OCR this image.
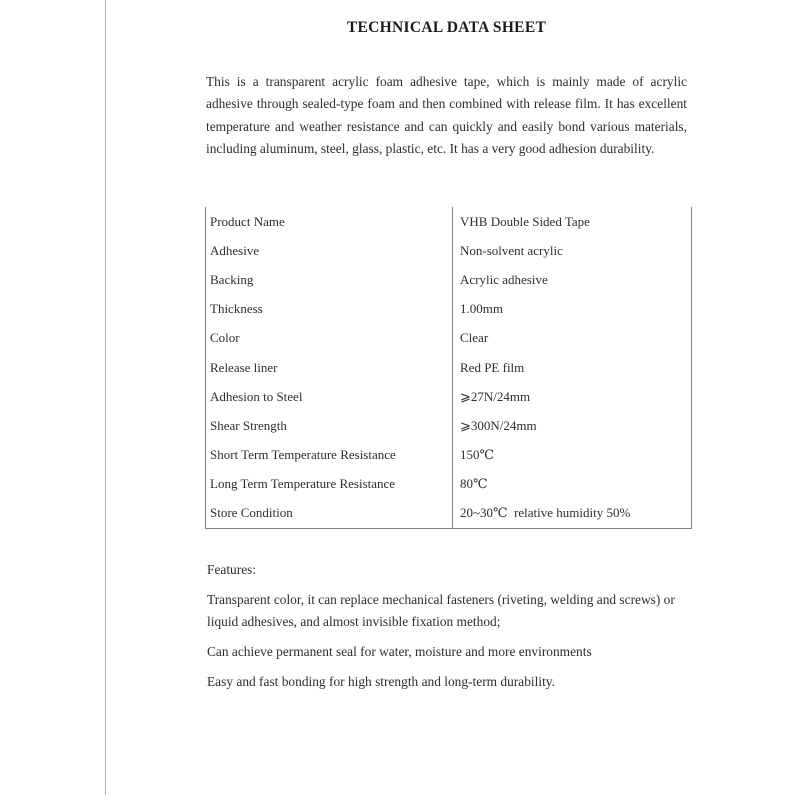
TECHNICAL DATA SHEET

This is a transparent acrylic foam adhesive tape, which is mainly made of acrylic adhesive through sealed-type foam and then combined with release film. It has excellent temperature and weather resistance and can quickly and easily bond various materials, including aluminum, steel, glass, plastic, etc. It has a very good adhesion durability.

Product Name	VHB Double Sided Tape
Adhesive	Non-solvent acrylic
Backing	Acrylic adhesive
Thickness	1.00mm
Color	Clear
Release liner	Red PE film
Adhesion to Steel	⩾27N/24mm
Shear Strength	⩾300N/24mm
Short Term Temperature Resistance	150℃
Long Term Temperature Resistance	80℃
Store Condition	20~30℃  relative humidity 50%

Features:

Transparent color, it can replace mechanical fasteners (riveting, welding and screws) or liquid adhesives, and almost invisible fixation method;

Can achieve permanent seal for water, moisture and more environments

Easy and fast bonding for high strength and long-term durability.
